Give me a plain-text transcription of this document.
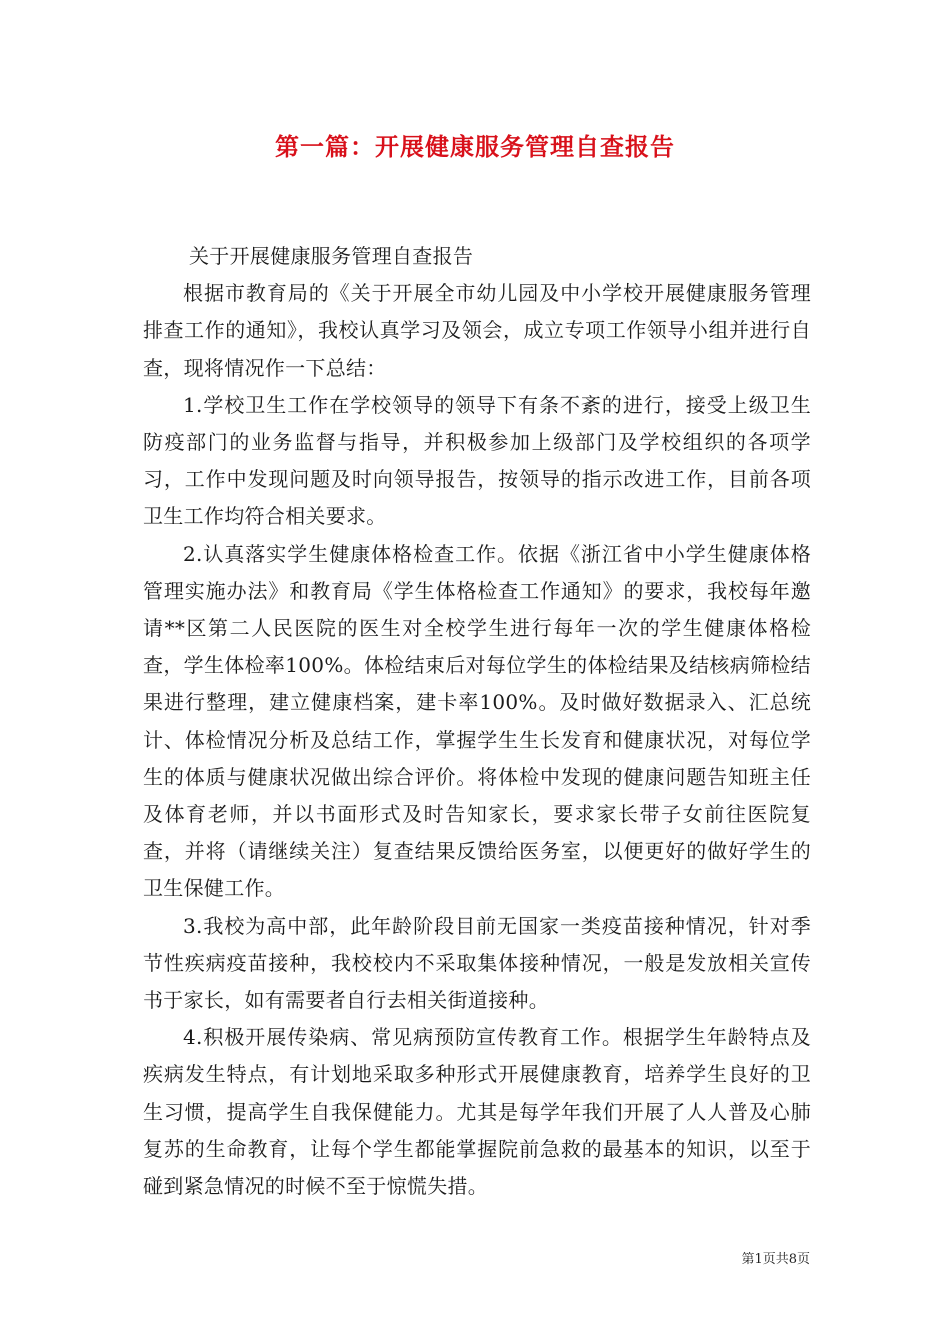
第一篇：开展健康服务管理自查报告

关于开展健康服务管理自查报告

根据市教育局的《关于开展全市幼儿园及中小学校开展健康服务管理排查工作的通知》，我校认真学习及领会，成立专项工作领导小组并进行自查，现将情况作一下总结：

1.学校卫生工作在学校领导的领导下有条不紊的进行，接受上级卫生防疫部门的业务监督与指导，并积极参加上级部门及学校组织的各项学习，工作中发现问题及时向领导报告，按领导的指示改进工作，目前各项卫生工作均符合相关要求。

2.认真落实学生健康体格检查工作。依据《浙江省中小学生健康体格管理实施办法》和教育局《学生体格检查工作通知》的要求，我校每年邀请**区第二人民医院的医生对全校学生进行每年一次的学生健康体格检查，学生体检率100%。体检结束后对每位学生的体检结果及结核病筛检结果进行整理，建立健康档案，建卡率100%。及时做好数据录入、汇总统计、体检情况分析及总结工作，掌握学生生长发育和健康状况，对每位学生的体质与健康状况做出综合评价。将体检中发现的健康问题告知班主任及体育老师，并以书面形式及时告知家长，要求家长带子女前往医院复查，并将（请继续关注）复查结果反馈给医务室，以便更好的做好学生的卫生保健工作。

3.我校为高中部，此年龄阶段目前无国家一类疫苗接种情况，针对季节性疾病疫苗接种，我校校内不采取集体接种情况，一般是发放相关宣传书于家长，如有需要者自行去相关街道接种。

4.积极开展传染病、常见病预防宣传教育工作。根据学生年龄特点及疾病发生特点，有计划地采取多种形式开展健康教育，培养学生良好的卫生习惯，提高学生自我保健能力。尤其是每学年我们开展了人人普及心肺复苏的生命教育，让每个学生都能掌握院前急救的最基本的知识，以至于碰到紧急情况的时候不至于惊慌失措。

第1页共8页
